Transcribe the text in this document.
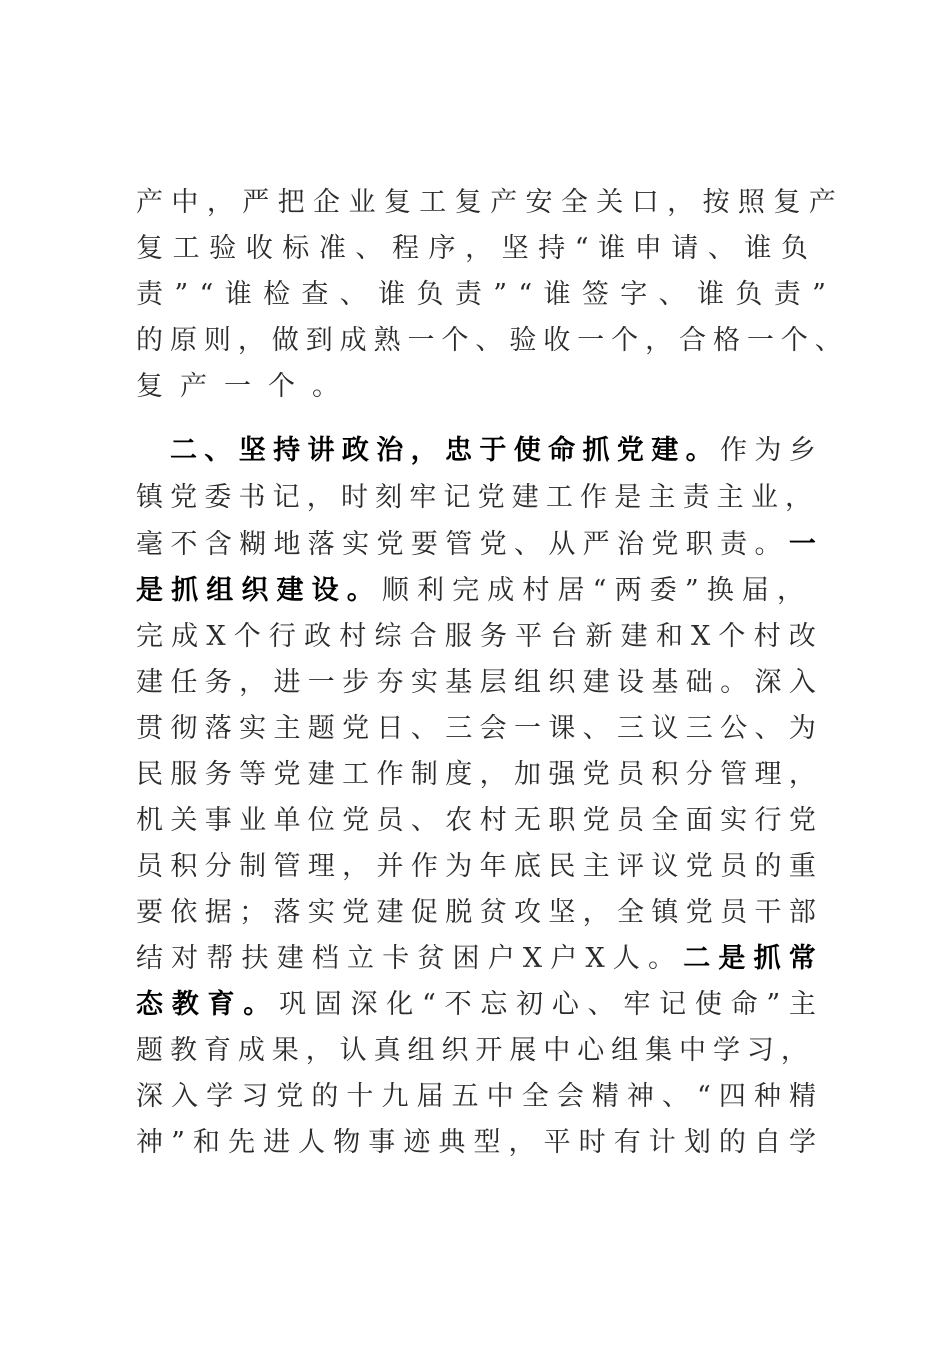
产 中 ， 严 把 企 业 复 工 复 产 安 全 关 口 ， 按 照 复 产
复 工 验 收 标 准 、 程 序 ， 坚 持 “ 谁 申 请 、 谁 负
责 ” “ 谁 检 查 、 谁 负 责 ” “ 谁 签 字 、 谁 负 责 ”
的 原 则 ， 做 到 成 熟 一 个 、 验 收 一 个 ， 合 格 一 个 、
复产一个。
二 、 坚 持 讲 政 治 ， 忠 于 使 命 抓 党 建 。 作 为 乡
镇 党 委 书 记 ， 时 刻 牢 记 党 建 工 作 是 主 责 主 业 ，
毫 不 含 糊 地 落 实 党 要 管 党 、 从 严 治 党 职 责 。 一
是 抓 组 织 建 设 。 顺 利 完 成 村 居 “ 两 委 ” 换 届 ，
完 成 X 个 行 政 村 综 合 服 务 平 台 新 建 和 X 个 村 改
建 任 务 ， 进 一 步 夯 实 基 层 组 织 建 设 基 础 。 深 入
贯 彻 落 实 主 题 党 日 、 三 会 一 课 、 三 议 三 公 、 为
民 服 务 等 党 建 工 作 制 度 ， 加 强 党 员 积 分 管 理 ，
机 关 事 业 单 位 党 员 、 农 村 无 职 党 员 全 面 实 行 党
员 积 分 制 管 理 ， 并 作 为 年 底 民 主 评 议 党 员 的 重
要 依 据 ； 落 实 党 建 促 脱 贫 攻 坚 ， 全 镇 党 员 干 部
结 对 帮 扶 建 档 立 卡 贫 困 户 X 户 X 人 。 二 是 抓 常
态 教 育 。 巩 固 深 化 “ 不 忘 初 心 、 牢 记 使 命 ” 主
题 教 育 成 果 ， 认 真 组 织 开 展 中 心 组 集 中 学 习 ，
深 入 学 习 党 的 十 九 届 五 中 全 会 精 神 、 “ 四 种 精
神 ” 和 先 进 人 物 事 迹 典 型 ， 平 时 有 计 划 的 自 学
